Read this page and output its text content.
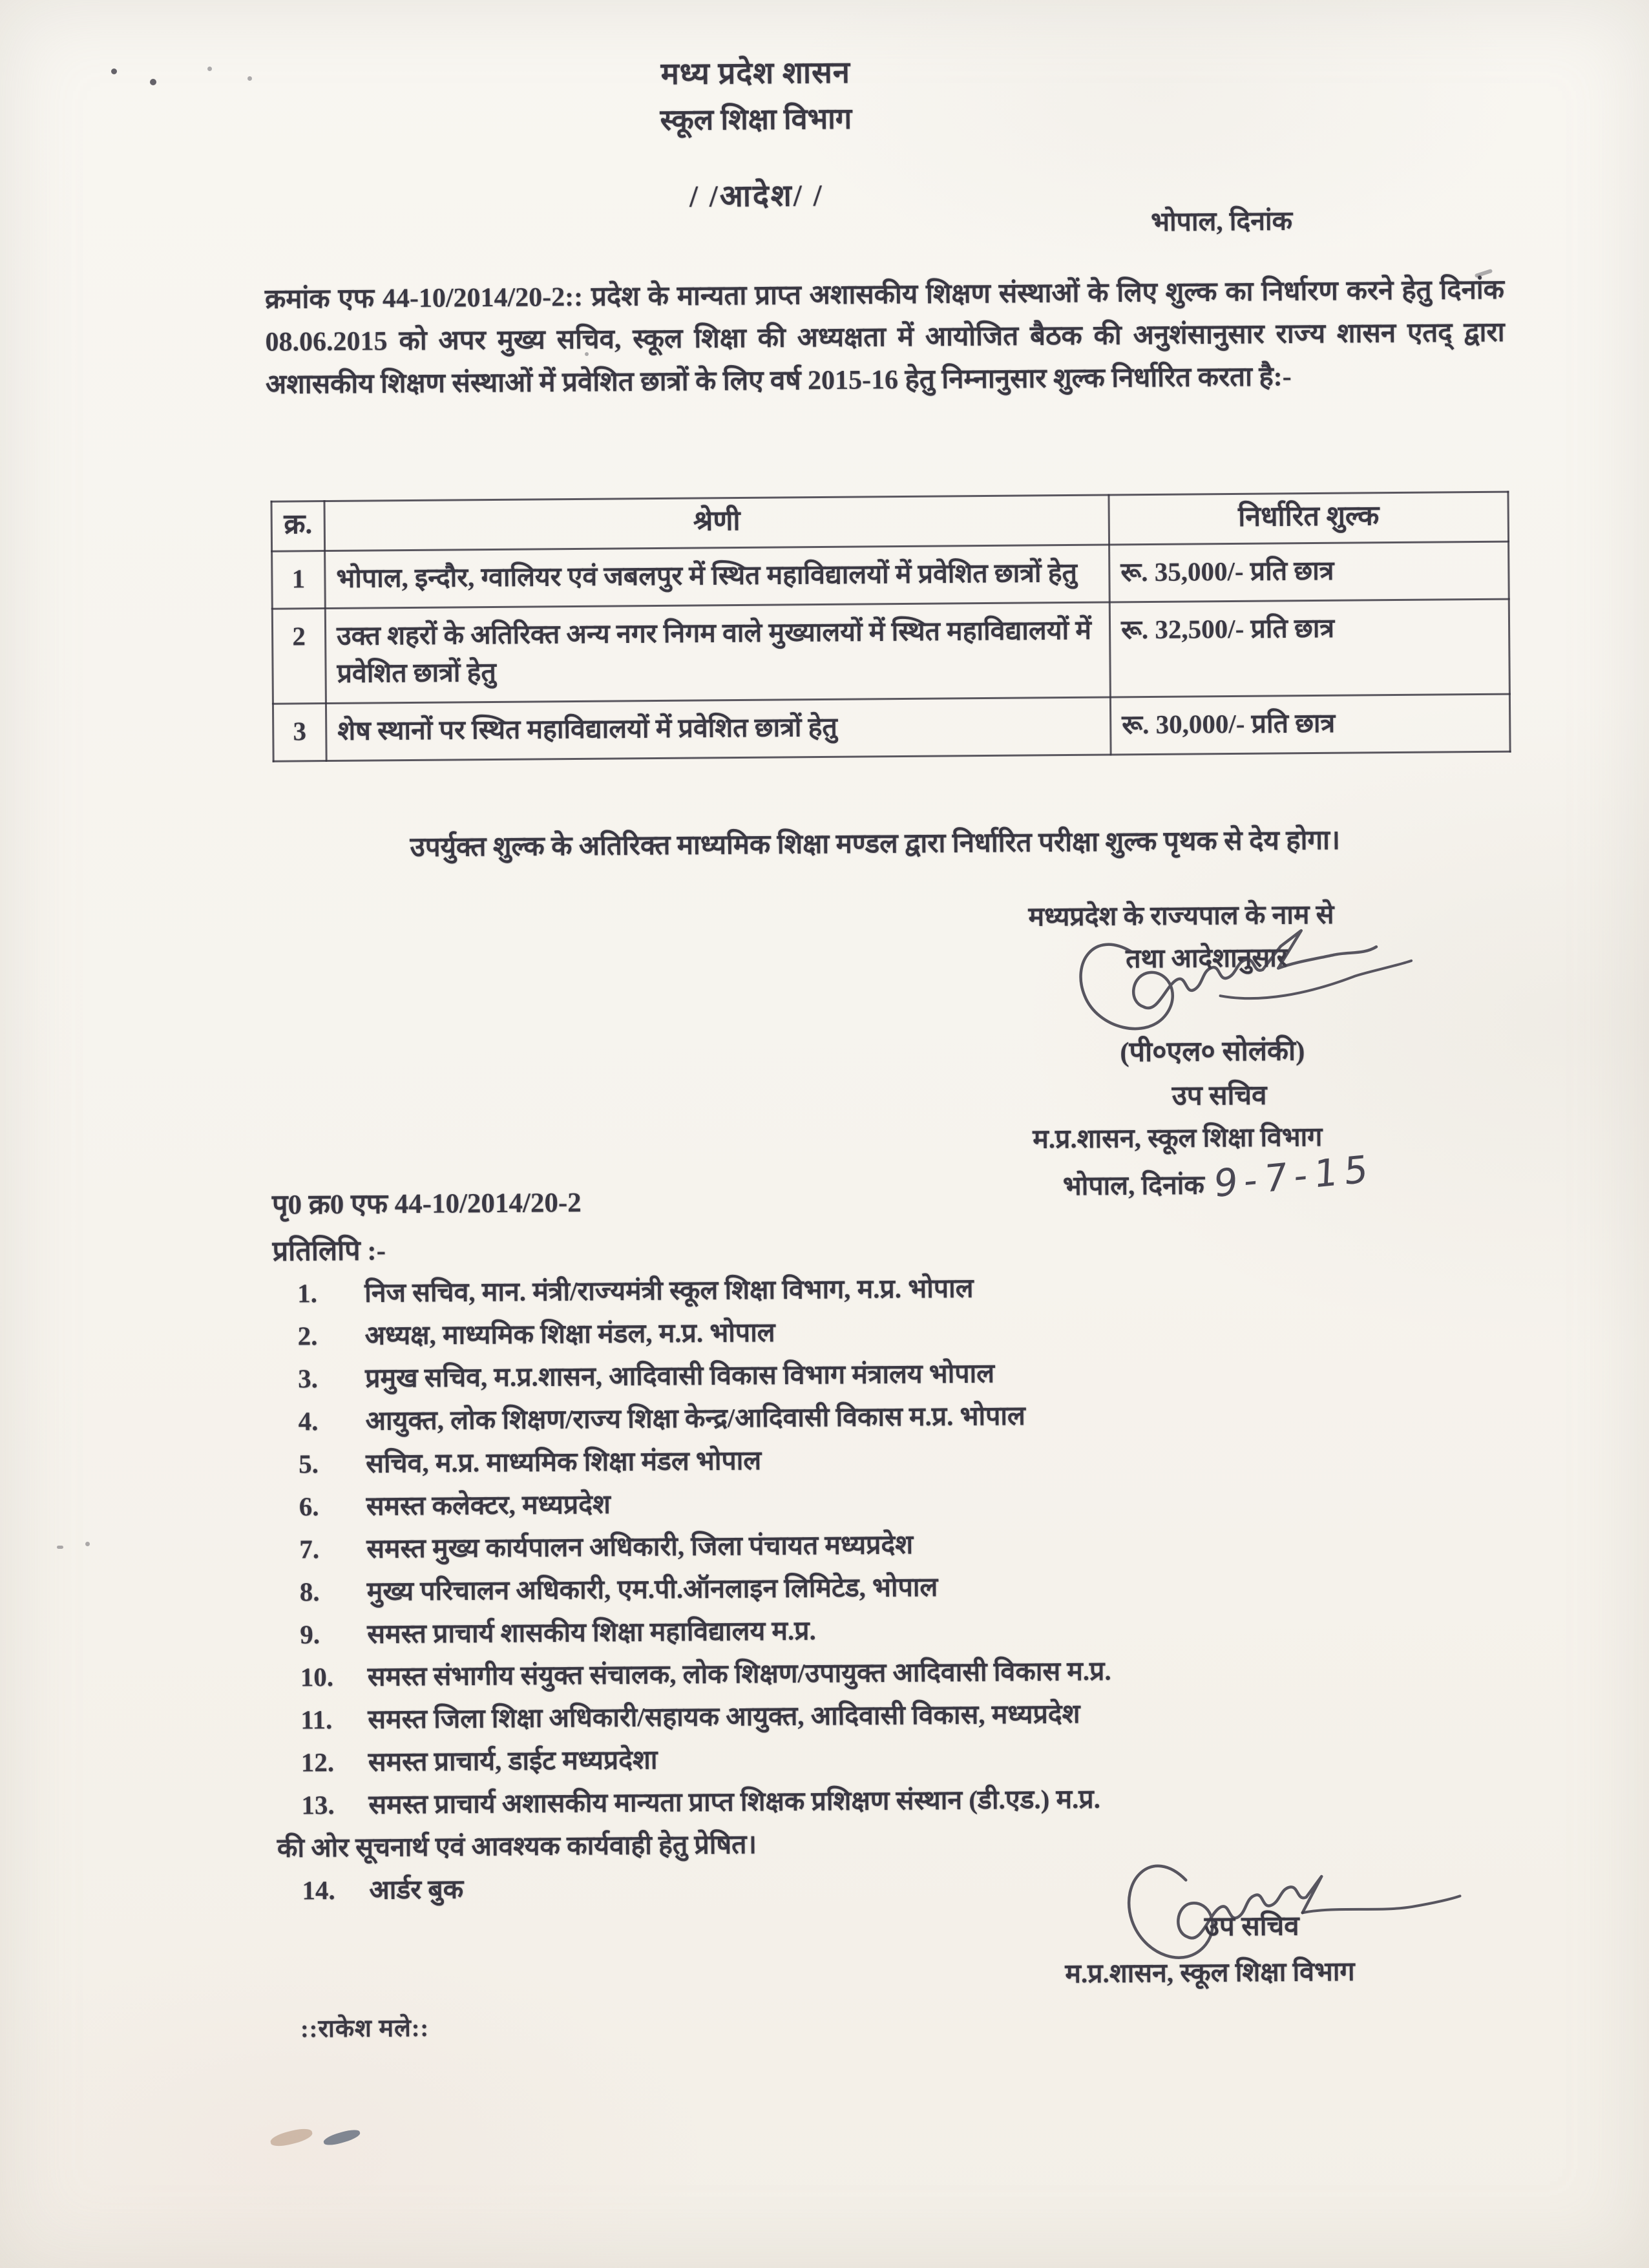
मध्य प्रदेश शासन
स्कूल शिक्षा विभाग
/ /आदेश/ /
भोपाल, दिनांक
क्रमांक एफ 44-10/2014/20-2:: प्रदेश के मान्यता प्राप्त अशासकीय शिक्षण संस्थाओं के लिए शुल्क का निर्धारण करने हेतु दिनांक 08.06.2015 को अपर मुख्य सचिव, स्कूल शिक्षा की अध्यक्षता में आयोजित बैठक की अनुशंसानुसार राज्य शासन एतद् द्वारा अशासकीय शिक्षण संस्थाओं में प्रवेशित छात्रों के लिए वर्ष 2015-16 हेतु निम्नानुसार शुल्क निर्धारित करता है:-
क्र.	श्रेणी	निर्धारित शुल्क
1	भोपाल, इन्दौर, ग्वालियर एवं जबलपुर में स्थित महाविद्यालयों में प्रवेशित छात्रों हेतु	रू. 35,000/- प्रति छात्र
2	उक्त शहरों के अतिरिक्त अन्य नगर निगम वाले मुख्यालयों में स्थित महाविद्यालयों में प्रवेशित छात्रों हेतु	रू. 32,500/- प्रति छात्र
3	शेष स्थानों पर स्थित महाविद्यालयों में प्रवेशित छात्रों हेतु	रू. 30,000/- प्रति छात्र
उपर्युक्त शुल्क के अतिरिक्त माध्यमिक शिक्षा मण्डल द्वारा निर्धारित परीक्षा शुल्क पृथक से देय होगा।
मध्यप्रदेश के राज्यपाल के नाम से
तथा आदेशानुसार
(पी०एल० सोलंकी)
उप सचिव
म.प्र.शासन, स्कूल शिक्षा विभाग
भोपाल, दिनांक 9-7-15
पृ0 क्र0 एफ 44-10/2014/20-2
प्रतिलिपि :-
1. निज सचिव, मान. मंत्री/राज्यमंत्री स्कूल शिक्षा विभाग, म.प्र. भोपाल
2. अध्यक्ष, माध्यमिक शिक्षा मंडल, म.प्र. भोपाल
3. प्रमुख सचिव, म.प्र.शासन, आदिवासी विकास विभाग मंत्रालय भोपाल
4. आयुक्त, लोक शिक्षण/राज्य शिक्षा केन्द्र/आदिवासी विकास म.प्र. भोपाल
5. सचिव, म.प्र. माध्यमिक शिक्षा मंडल भोपाल
6. समस्त कलेक्टर, मध्यप्रदेश
7. समस्त मुख्य कार्यपालन अधिकारी, जिला पंचायत मध्यप्रदेश
8. मुख्य परिचालन अधिकारी, एम.पी.ऑनलाइन लिमिटेड, भोपाल
9. समस्त प्राचार्य शासकीय शिक्षा महाविद्यालय म.प्र.
10. समस्त संभागीय संयुक्त संचालक, लोक शिक्षण/उपायुक्त आदिवासी विकास म.प्र.
11. समस्त जिला शिक्षा अधिकारी/सहायक आयुक्त, आदिवासी विकास, मध्यप्रदेश
12. समस्त प्राचार्य, डाईट मध्यप्रदेशा
13. समस्त प्राचार्य अशासकीय मान्यता प्राप्त शिक्षक प्रशिक्षण संस्थान (डी.एड.) म.प्र.
की ओर सूचनार्थ एवं आवश्यक कार्यवाही हेतु प्रेषित।
14. आर्डर बुक
उप सचिव
म.प्र.शासन, स्कूल शिक्षा विभाग
::राकेश मले::
